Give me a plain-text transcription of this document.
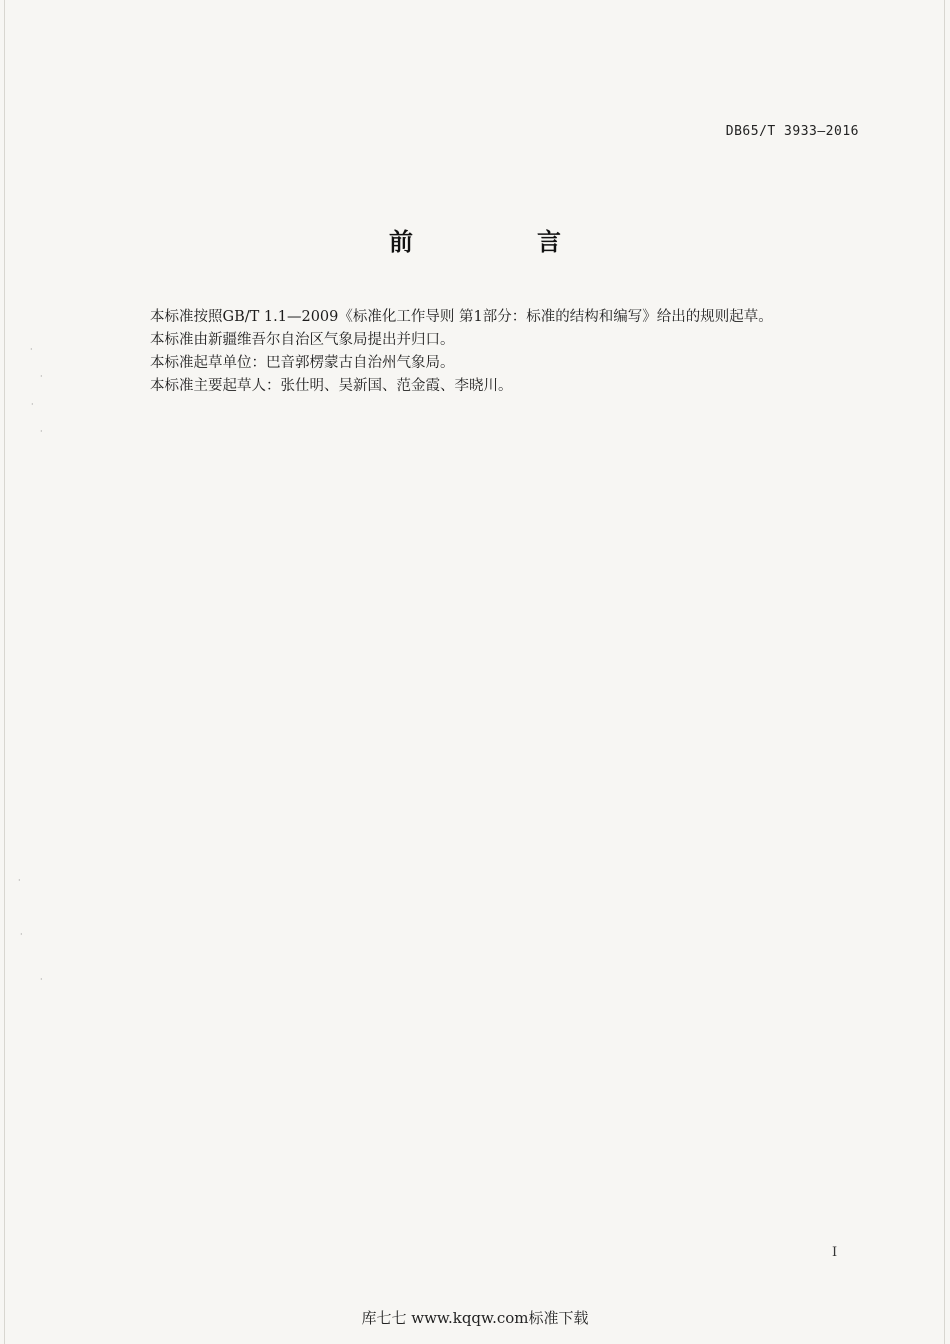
DB65/T 3933—2016
前　言

本标准按照GB/T 1.1—2009《标准化工作导则 第1部分：标准的结构和编写》给出的规则起草。

本标准由新疆维吾尔自治区气象局提出并归口。

本标准起草单位：巴音郭楞蒙古自治州气象局。

本标准主要起草人：张仕明、吴新国、范金霞、李晓川。

·
·
·
·
·
·
·
I
库七七 www.kqqw.com标准下载
